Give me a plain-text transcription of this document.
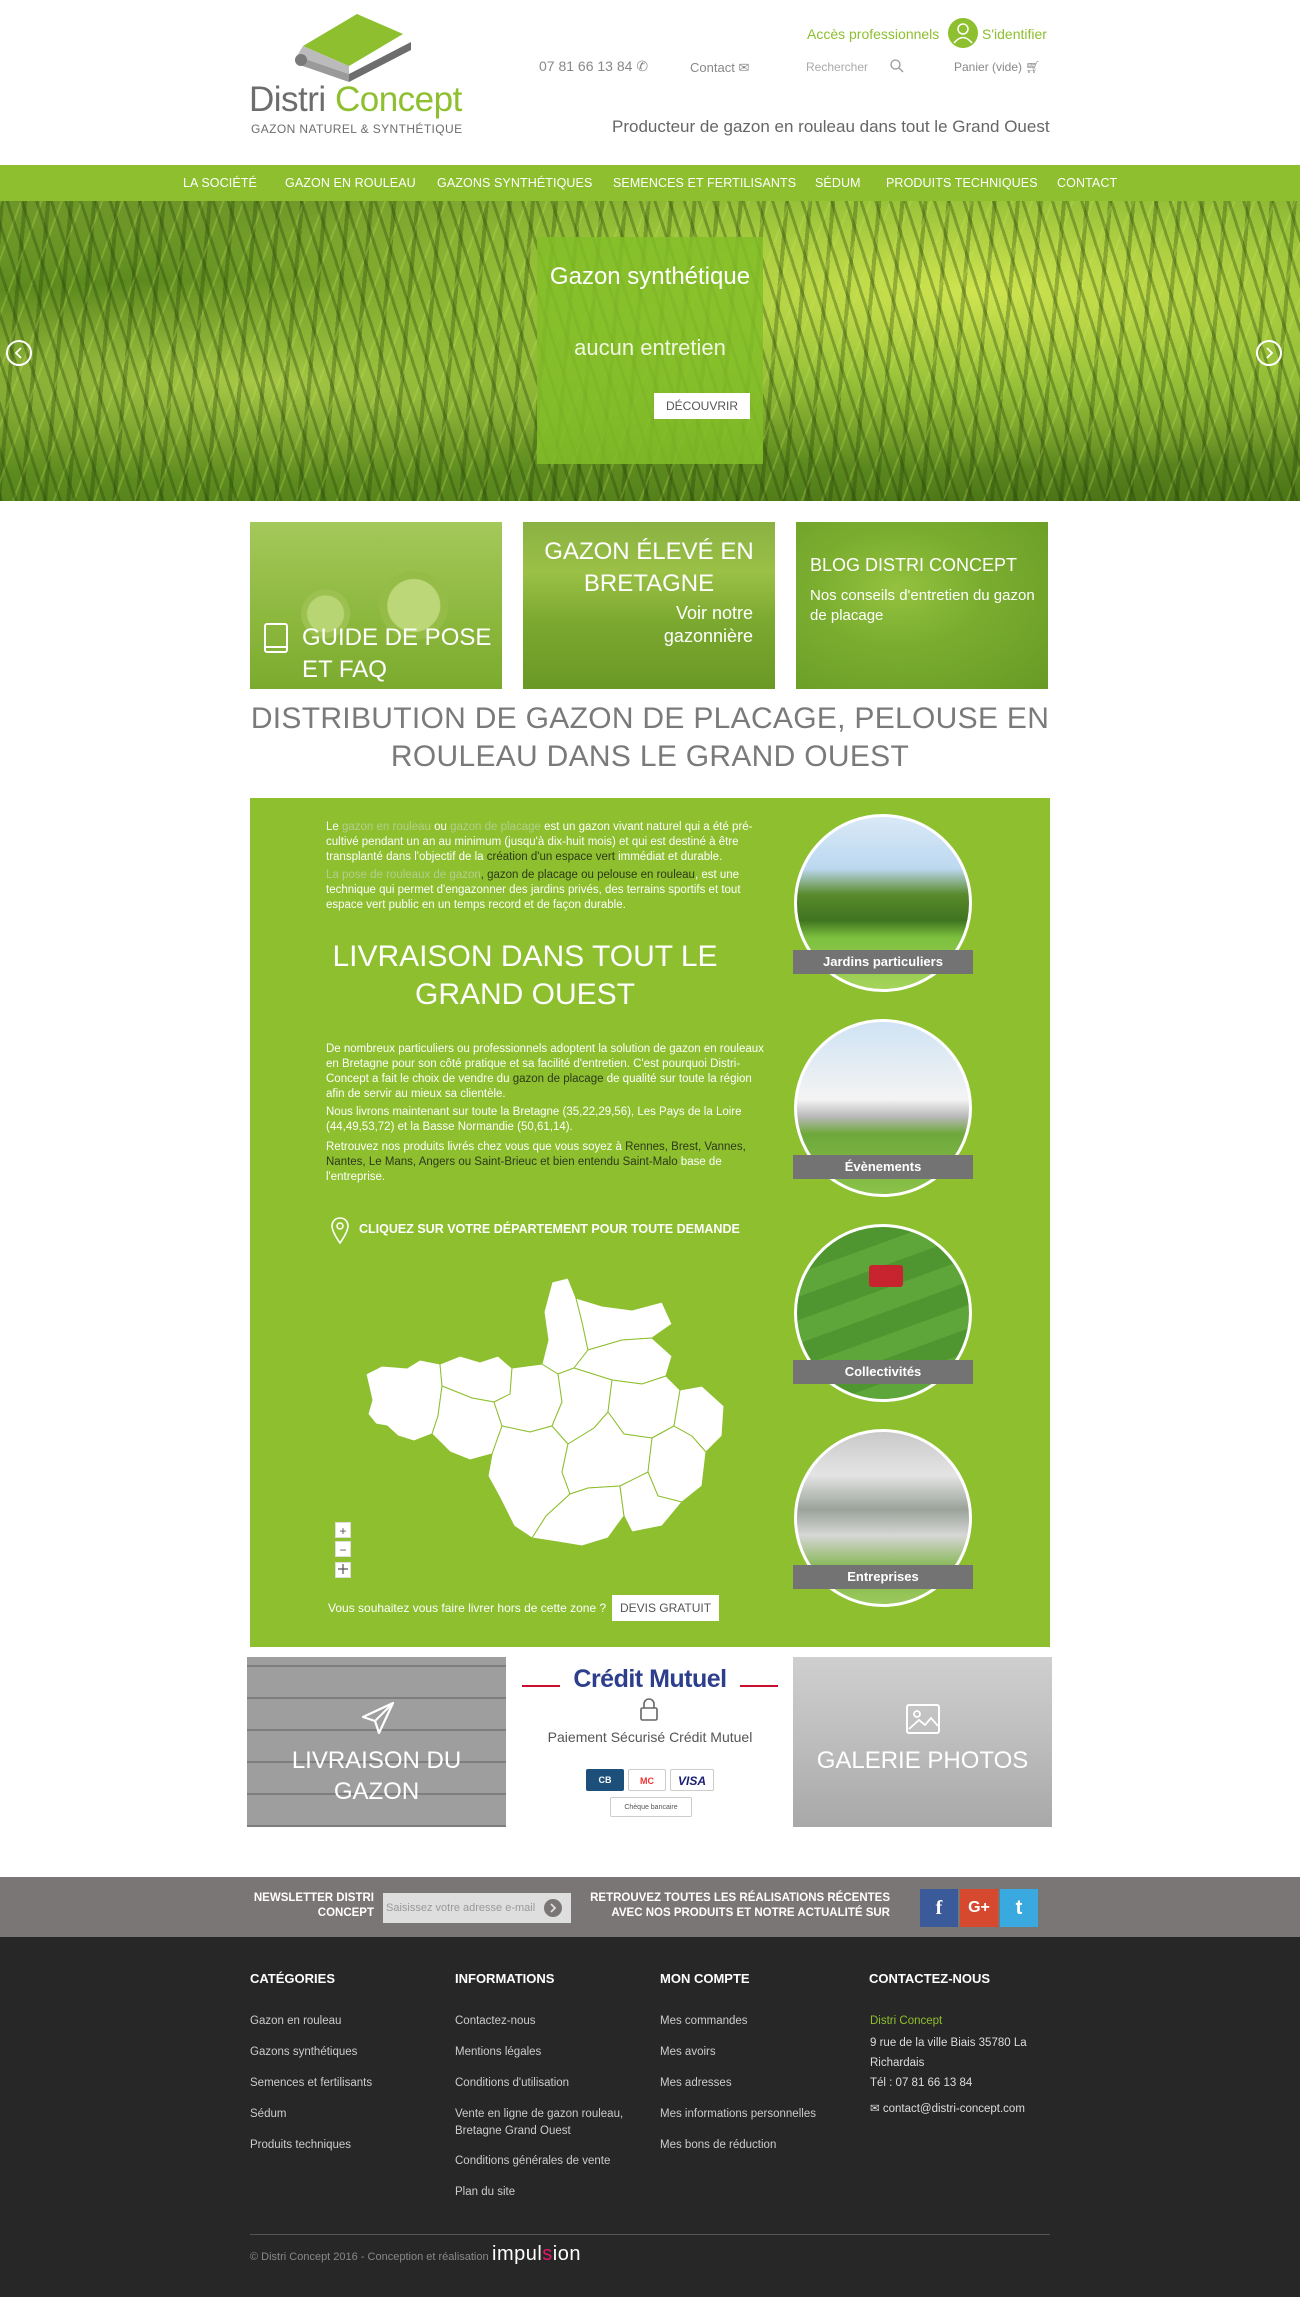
Distri Concept
GAZON NATUREL & SYNTHÉTIQUE
Accès professionnels	S'identifier
07 81 66 13 84 ✆	Contact ✉
Rechercher	Panier (vide) 🛒︎
Producteur de gazon en rouleau dans tout le Grand Ouest
LA SOCIÉTÉ GAZON EN ROULEAU GAZONS SYNTHÉTIQUES SEMENCES ET FERTILISANTS SÉDUM PRODUITS TECHNIQUES CONTACT
Gazon synthétique
aucun entretien
DÉCOUVRIR
GUIDE DE POSE ET FAQ
GAZON ÉLEVÉ EN BRETAGNE
Voir notre gazonnière
BLOG DISTRI CONCEPT
Nos conseils d'entretien du gazon de placage
DISTRIBUTION DE GAZON DE PLACAGE, PELOUSE EN ROULEAU DANS LE GRAND OUEST
Le gazon en rouleau ou gazon de placage est un gazon vivant naturel qui a été pré-cultivé pendant un an au minimum (jusqu'à dix-huit mois) et qui est destiné à être transplanté dans l'objectif de la création d'un espace vert immédiat et durable.
La pose de rouleaux de gazon, gazon de placage ou pelouse en rouleau, est une technique qui permet d'engazonner des jardins privés, des terrains sportifs et tout espace vert public en un temps record et de façon durable.
LIVRAISON DANS TOUT LE GRAND OUEST
De nombreux particuliers ou professionnels adoptent la solution de gazon en rouleaux en Bretagne pour son côté pratique et sa facilité d'entretien. C'est pourquoi Distri-Concept a fait le choix de vendre du gazon de placage de qualité sur toute la région afin de servir au mieux sa clientèle.
Nous livrons maintenant sur toute la Bretagne (35,22,29,56), Les Pays de la Loire (44,49,53,72) et la Basse Normandie (50,61,14).
Retrouvez nos produits livrés chez vous que vous soyez à Rennes, Brest, Vannes, Nantes, Le Mans, Angers ou Saint-Brieuc et bien entendu Saint-Malo base de l'entreprise.
CLIQUEZ SUR VOTRE DÉPARTEMENT POUR TOUTE DEMANDE
+
−
Vous souhaitez vous faire livrer hors de cette zone ?	DEVIS GRATUIT
Jardins particuliers
Évènements
Collectivités
Entreprises
LIVRAISON DU GAZON
Crédit Mutuel
Paiement Sécurisé Crédit Mutuel
CB	MC	VISA
Chèque bancaire
GALERIE PHOTOS
NEWSLETTER DISTRI CONCEPT
Saisissez votre adresse e-mail
RETROUVEZ TOUTES LES RÉALISATIONS RÉCENTES AVEC NOS PRODUITS ET NOTRE ACTUALITÉ SUR	f	G+	t
CATÉGORIES
Gazon en rouleau
Gazons synthétiques
Semences et fertilisants
Sédum
Produits techniques
INFORMATIONS
Contactez-nous
Mentions légales
Conditions d'utilisation
Vente en ligne de gazon rouleau, Bretagne Grand Ouest
Conditions générales de vente
Plan du site
MON COMPTE
Mes commandes
Mes avoirs
Mes adresses
Mes informations personnelles
Mes bons de réduction
CONTACTEZ-NOUS
Distri Concept
9 rue de la ville Biais 35780 La Richardais
Tél : 07 81 66 13 84
✉ contact@distri-concept.com
© Distri Concept 2016 - Conception et réalisation impulsion
